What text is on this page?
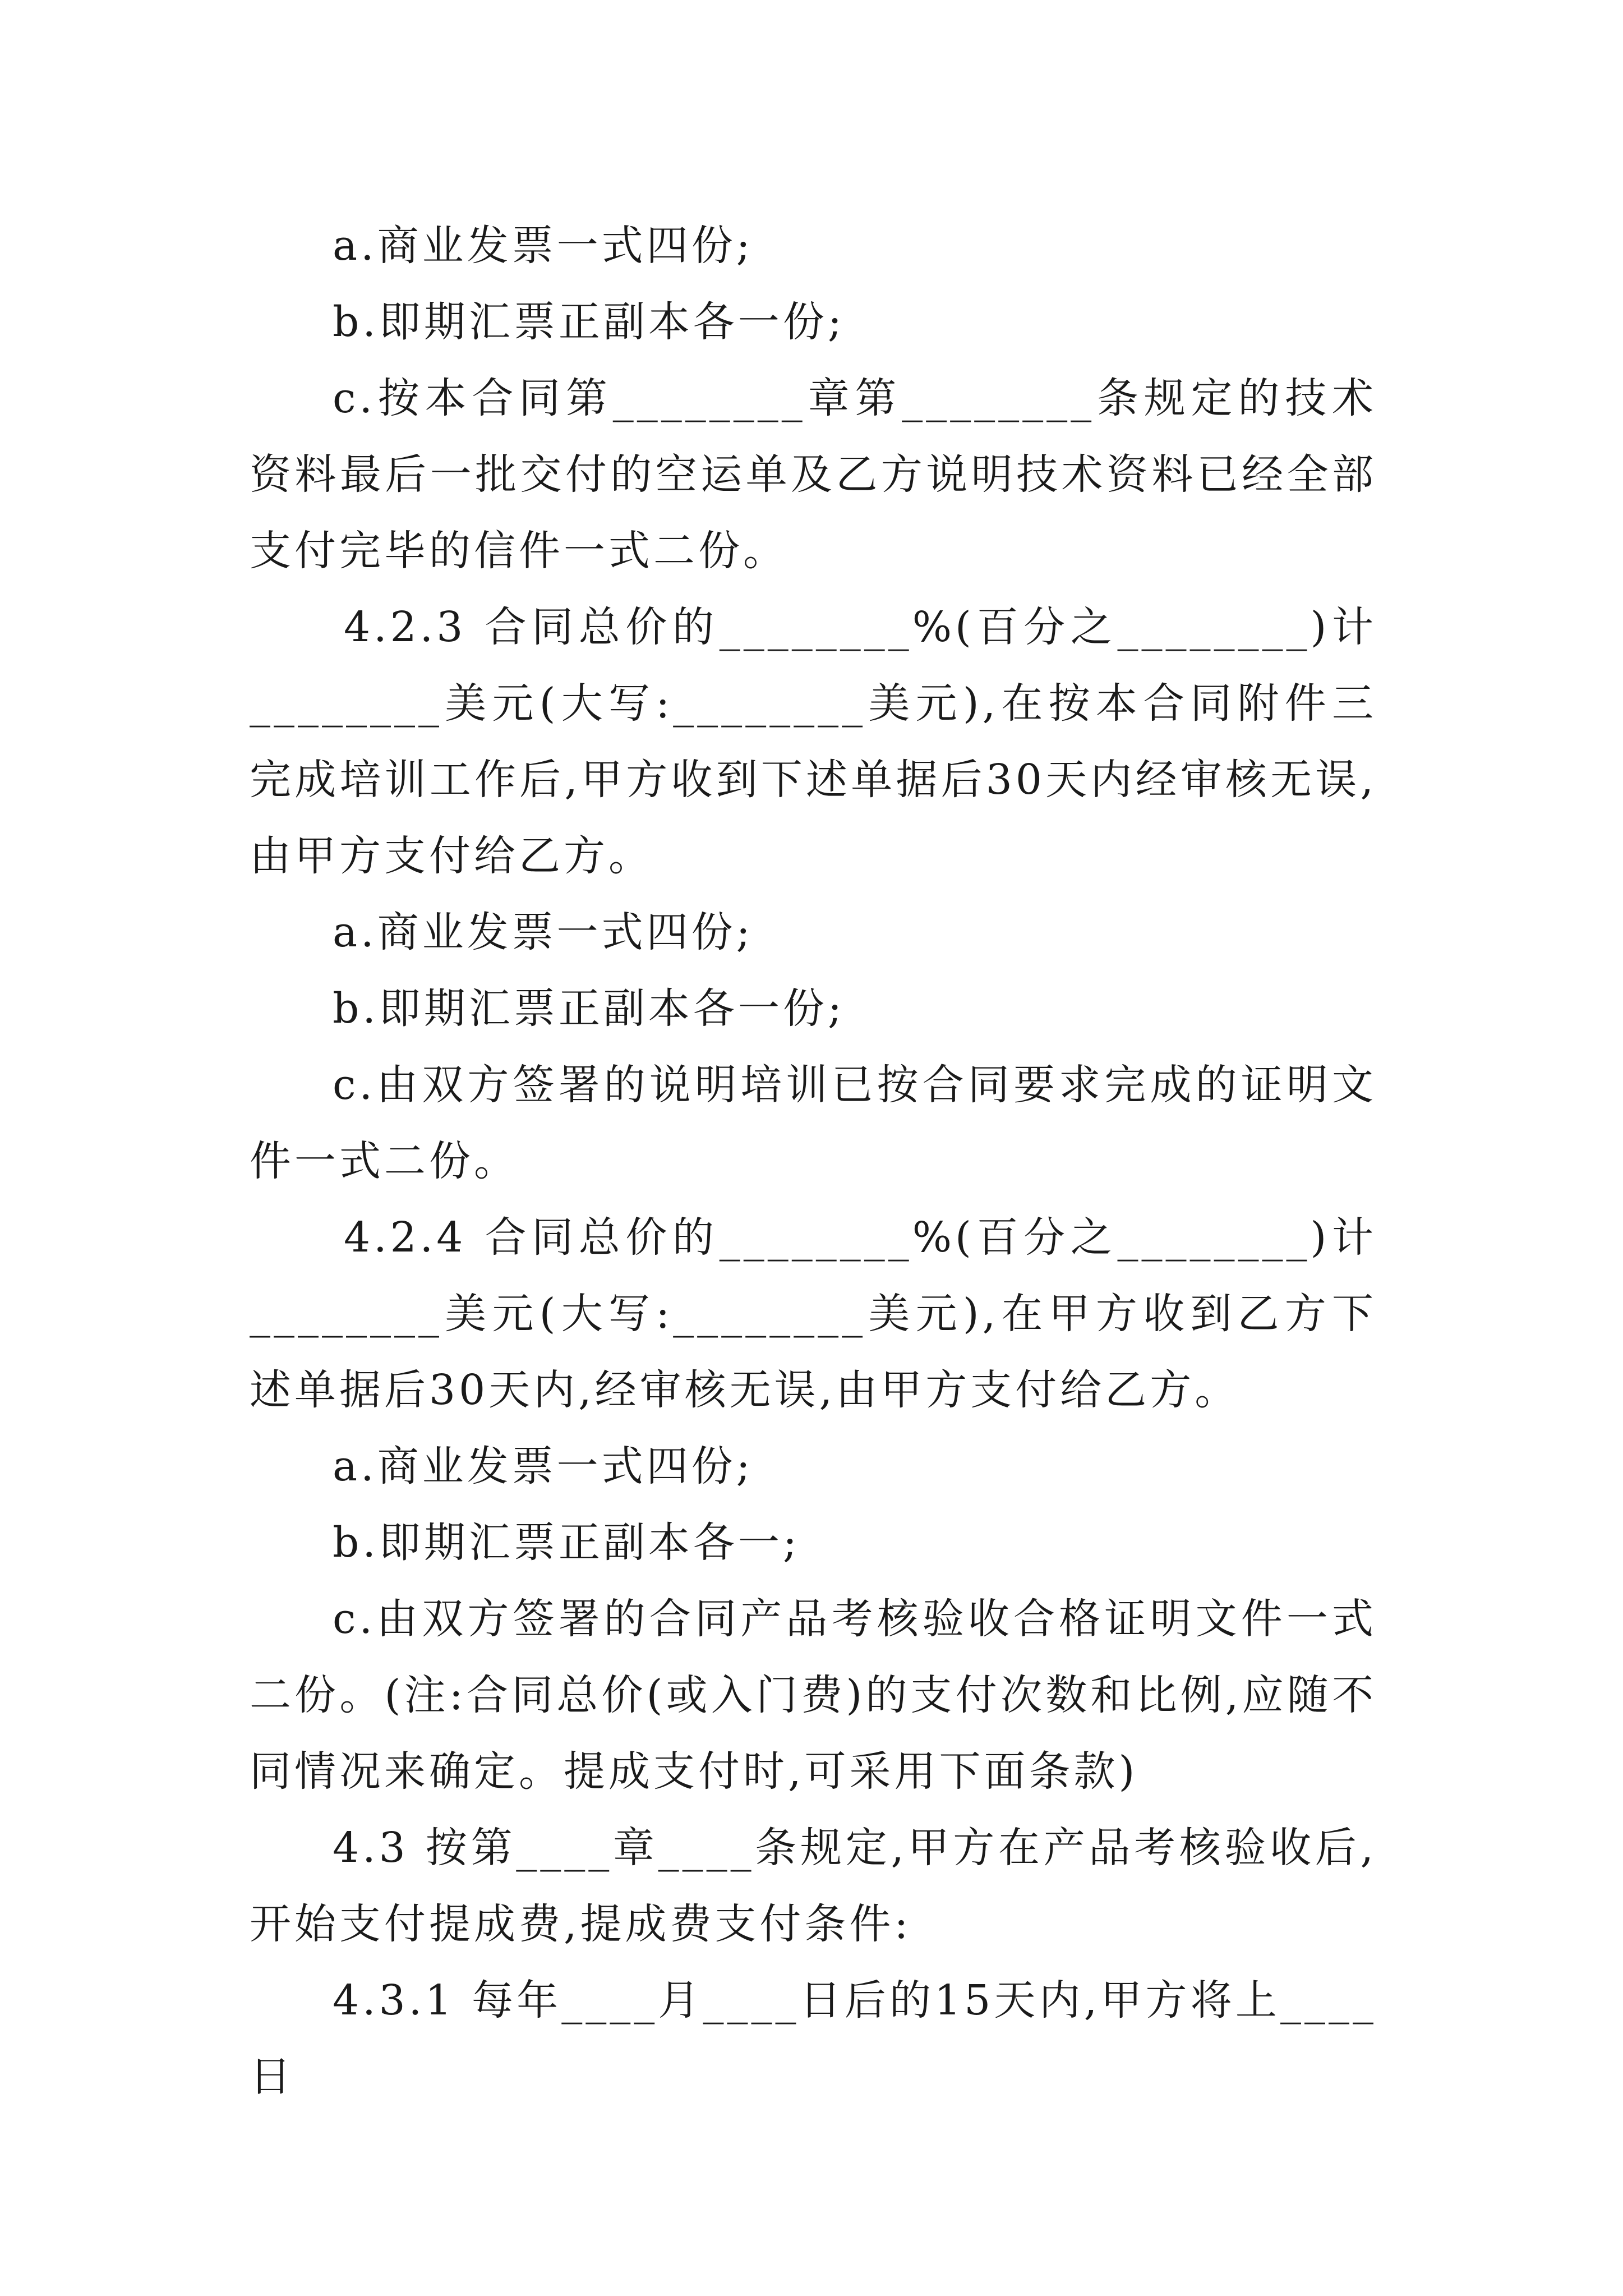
a.商业发票一式四份;

b.即期汇票正副本各一份;

c.按本合同第________章第________条规定的技术资料最后一批交付的空运单及乙方说明技术资料已经全部支付完毕的信件一式二份。

4.2.3 合同总价的________%(百分之________)计________美元(大写:________美元),在按本合同附件三完成培训工作后,甲方收到下述单据后30天内经审核无误,由甲方支付给乙方。

a.商业发票一式四份;

b.即期汇票正副本各一份;

c.由双方签署的说明培训已按合同要求完成的证明文件一式二份。

4.2.4 合同总价的________%(百分之________)计________美元(大写:________美元),在甲方收到乙方下述单据后30天内,经审核无误,由甲方支付给乙方。

a.商业发票一式四份;

b.即期汇票正副本各一;

c.由双方签署的合同产品考核验收合格证明文件一式二份。(注:合同总价(或入门费)的支付次数和比例,应随不同情况来确定。提成支付时,可采用下面条款)

4.3 按第____章____条规定,甲方在产品考核验收后,开始支付提成费,提成费支付条件:

4.3.1 每年____月____日后的15天内,甲方将上____日
